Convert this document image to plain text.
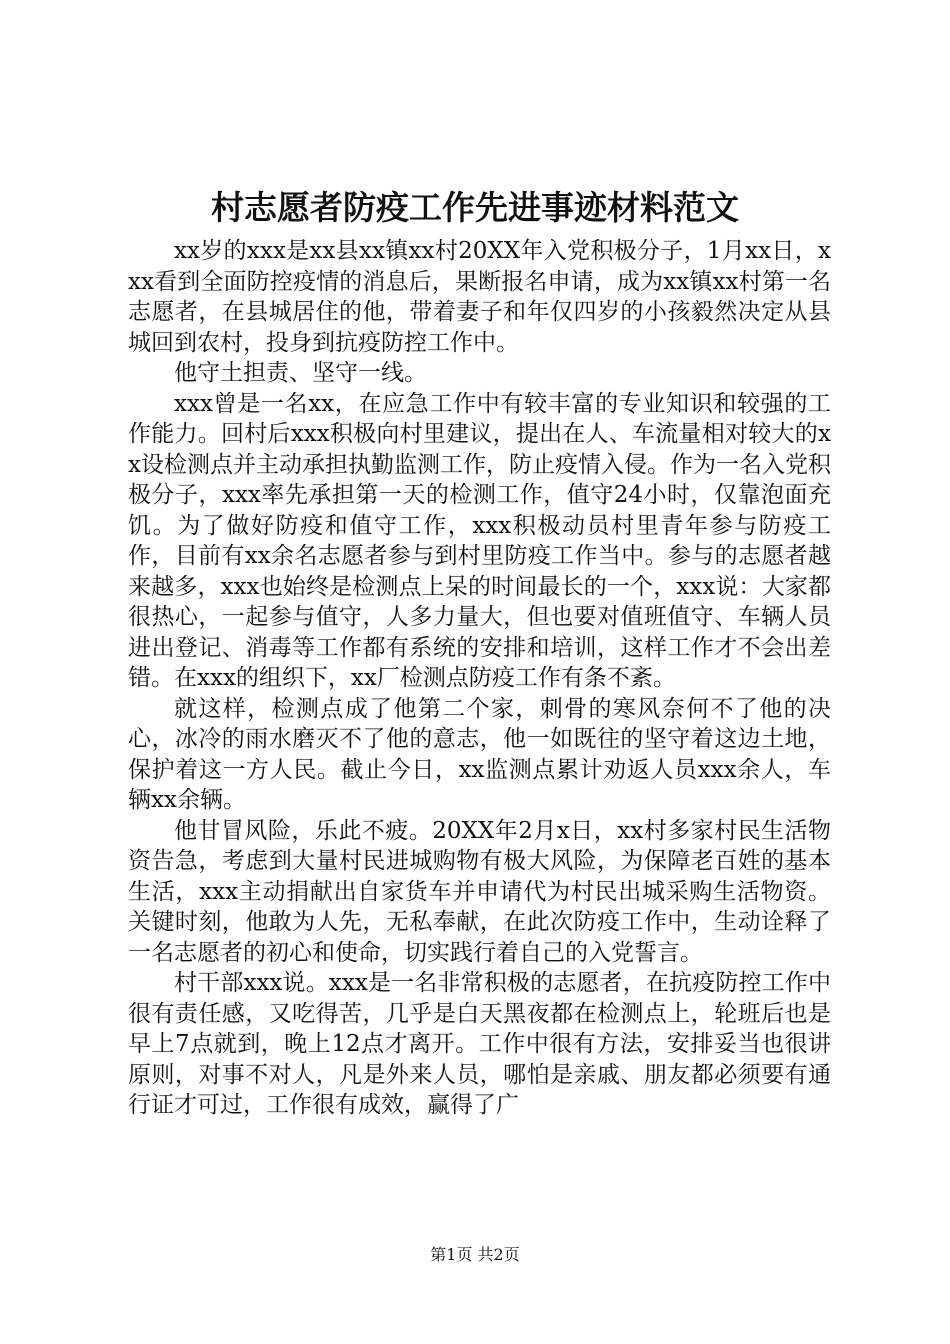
村志愿者防疫工作先进事迹材料范文

xx岁的xxx是xx县xx镇xx村20XX年入党积极分子，1月xx日，xxx看到全面防控疫情的消息后，果断报名申请，成为xx镇xx村第一名志愿者，在县城居住的他，带着妻子和年仅四岁的小孩毅然决定从县城回到农村，投身到抗疫防控工作中。

他守土担责、坚守一线。

xxx曾是一名xx，在应急工作中有较丰富的专业知识和较强的工作能力。回村后xxx积极向村里建议，提出在人、车流量相对较大的xx设检测点并主动承担执勤监测工作，防止疫情入侵。作为一名入党积极分子，xxx率先承担第一天的检测工作，值守24小时，仅靠泡面充饥。为了做好防疫和值守工作，xxx积极动员村里青年参与防疫工作，目前有xx余名志愿者参与到村里防疫工作当中。参与的志愿者越来越多，xxx也始终是检测点上呆的时间最长的一个，xxx说：大家都很热心，一起参与值守，人多力量大，但也要对值班值守、车辆人员进出登记、消毒等工作都有系统的安排和培训，这样工作才不会出差错。在xxx的组织下，xx厂检测点防疫工作有条不紊。

就这样，检测点成了他第二个家，刺骨的寒风奈何不了他的决心，冰冷的雨水磨灭不了他的意志，他一如既往的坚守着这边土地，保护着这一方人民。截止今日，xx监测点累计劝返人员xxx余人，车辆xx余辆。

他甘冒风险，乐此不疲。20XX年2月x日，xx村多家村民生活物资告急，考虑到大量村民进城购物有极大风险，为保障老百姓的基本生活，xxx主动捐献出自家货车并申请代为村民出城采购生活物资。关键时刻，他敢为人先，无私奉献，在此次防疫工作中，生动诠释了一名志愿者的初心和使命，切实践行着自己的入党誓言。

村干部xxx说。xxx是一名非常积极的志愿者，在抗疫防控工作中很有责任感，又吃得苦，几乎是白天黑夜都在检测点上，轮班后也是早上7点就到，晚上12点才离开。工作中很有方法，安排妥当也很讲原则，对事不对人，凡是外来人员，哪怕是亲戚、朋友都必须要有通行证才可过，工作很有成效，赢得了广

第1页 共2页
